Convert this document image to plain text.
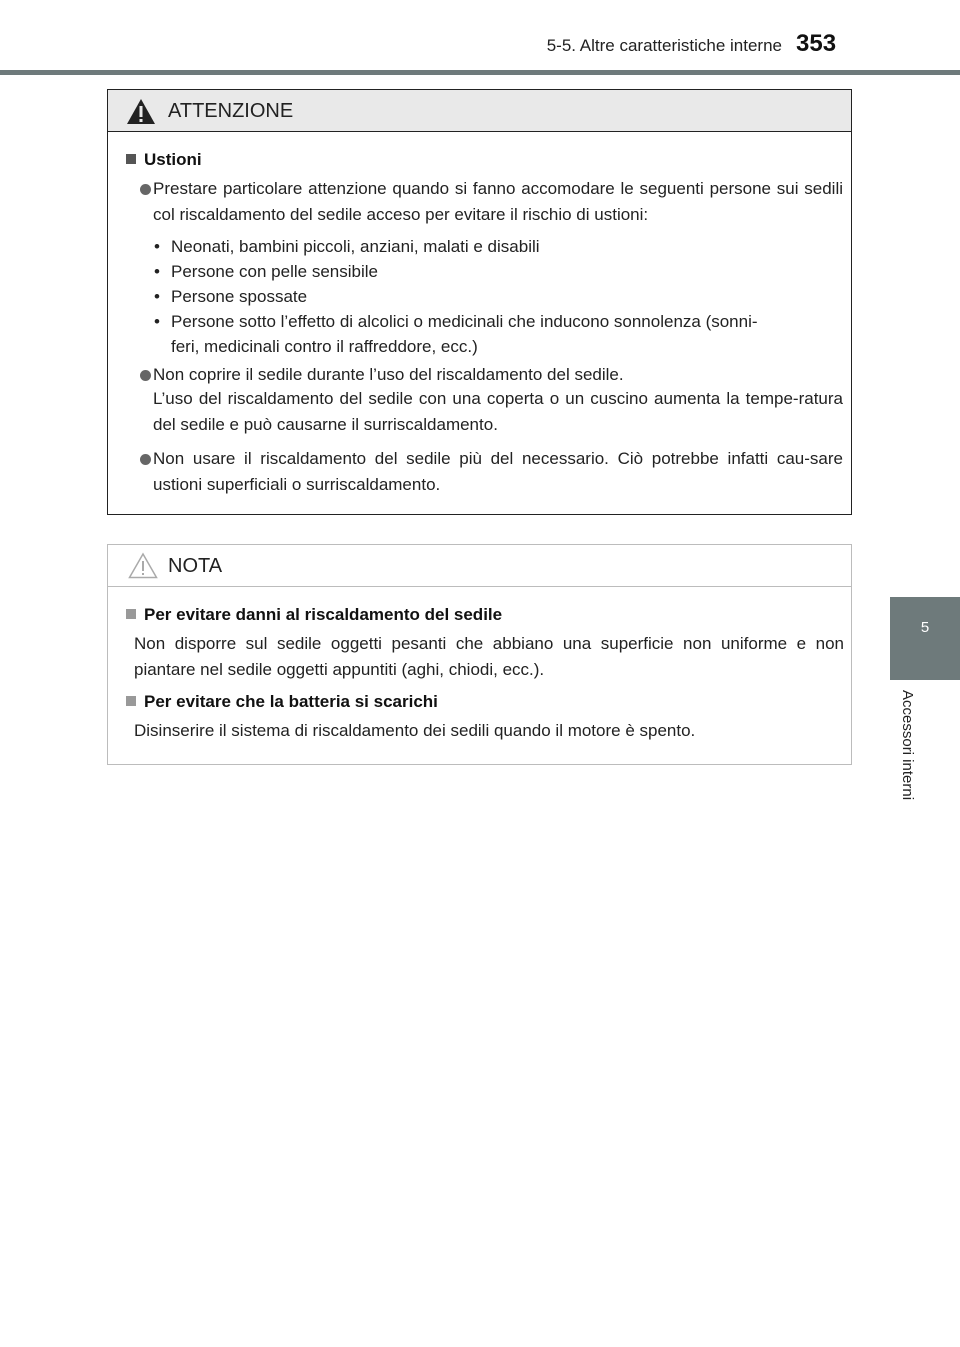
5-5. Altre caratteristiche interne 353
5
Accessori interni
ATTENZIONE
Ustioni
Prestare particolare attenzione quando si fanno accomodare le seguenti persone sui sedili col riscaldamento del sedile acceso per evitare il rischio di ustioni:
• Neonati, bambini piccoli, anziani, malati e disabili
• Persone con pelle sensibile
• Persone spossate
• Persone sotto l’effetto di alcolici o medicinali che inducono sonnolenza (sonni-
feri, medicinali contro il raffreddore, ecc.)
Non coprire il sedile durante l’uso del riscaldamento del sedile.
L’uso del riscaldamento del sedile con una coperta o un cuscino aumenta la tempe-ratura del sedile e può causarne il surriscaldamento.
Non usare il riscaldamento del sedile più del necessario. Ciò potrebbe infatti cau-sare ustioni superficiali o surriscaldamento.
NOTA
Per evitare danni al riscaldamento del sedile
Non disporre sul sedile oggetti pesanti che abbiano una superficie non uniforme e non piantare nel sedile oggetti appuntiti (aghi, chiodi, ecc.).
Per evitare che la batteria si scarichi
Disinserire il sistema di riscaldamento dei sedili quando il motore è spento.
